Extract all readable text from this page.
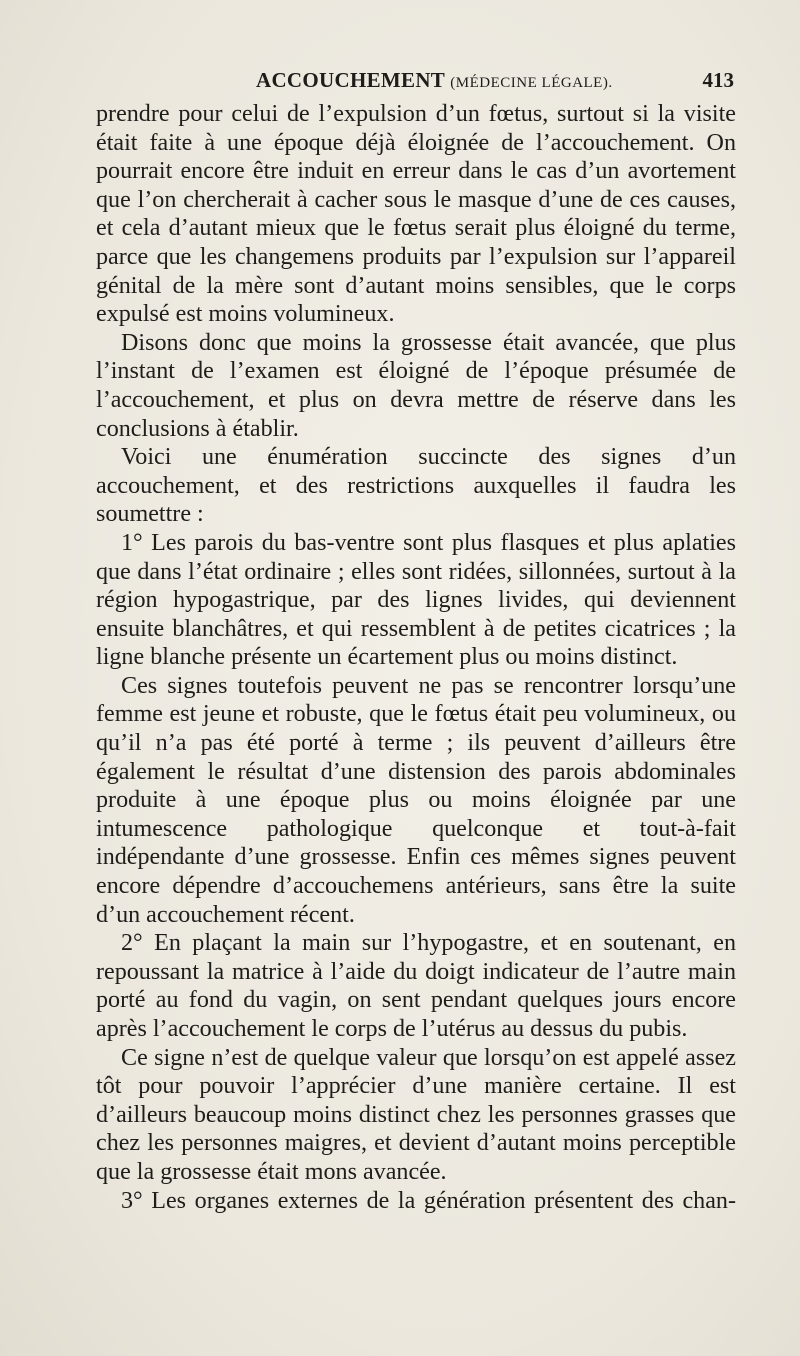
ACCOUCHEMENT (MÉDECINE LÉGALE).	413

prendre pour celui de l’expulsion d’un fœtus, surtout si la visite était faite à une époque déjà éloignée de l’accouchement. On pourrait encore être induit en erreur dans le cas d’un avortement que l’on chercherait à cacher sous le masque d’une de ces causes, et cela d’autant mieux que le fœtus serait plus éloigné du terme, parce que les changemens produits par l’expulsion sur l’appareil génital de la mère sont d’autant moins sensibles, que le corps expulsé est moins volumineux.

Disons donc que moins la grossesse était avancée, que plus l’instant de l’examen est éloigné de l’époque présumée de l’accouchement, et plus on devra mettre de réserve dans les conclusions à établir.

Voici une énumération succincte des signes d’un accouchement, et des restrictions auxquelles il faudra les soumettre :

1° Les parois du bas-ventre sont plus flasques et plus aplaties que dans l’état ordinaire ; elles sont ridées, sillonnées, surtout à la région hypogastrique, par des lignes livides, qui deviennent ensuite blanchâtres, et qui ressemblent à de petites cicatrices ; la ligne blanche présente un écartement plus ou moins distinct.

Ces signes toutefois peuvent ne pas se rencontrer lorsqu’une femme est jeune et robuste, que le fœtus était peu volumineux, ou qu’il n’a pas été porté à terme ; ils peuvent d’ailleurs être également le résultat d’une distension des parois abdominales produite à une époque plus ou moins éloignée par une intumescence pathologique quelconque et tout-à-fait indépendante d’une grossesse. Enfin ces mêmes signes peuvent encore dépendre d’accouchemens antérieurs, sans être la suite d’un accouchement récent.

2° En plaçant la main sur l’hypogastre, et en soutenant, en repoussant la matrice à l’aide du doigt indicateur de l’autre main porté au fond du vagin, on sent pendant quelques jours encore après l’accouchement le corps de l’utérus au dessus du pubis.

Ce signe n’est de quelque valeur que lorsqu’on est appelé assez tôt pour pouvoir l’apprécier d’une manière certaine. Il est d’ailleurs beaucoup moins distinct chez les personnes grasses que chez les personnes maigres, et devient d’autant moins perceptible que la grossesse était mons avancée.

3° Les organes externes de la génération présentent des chan-
